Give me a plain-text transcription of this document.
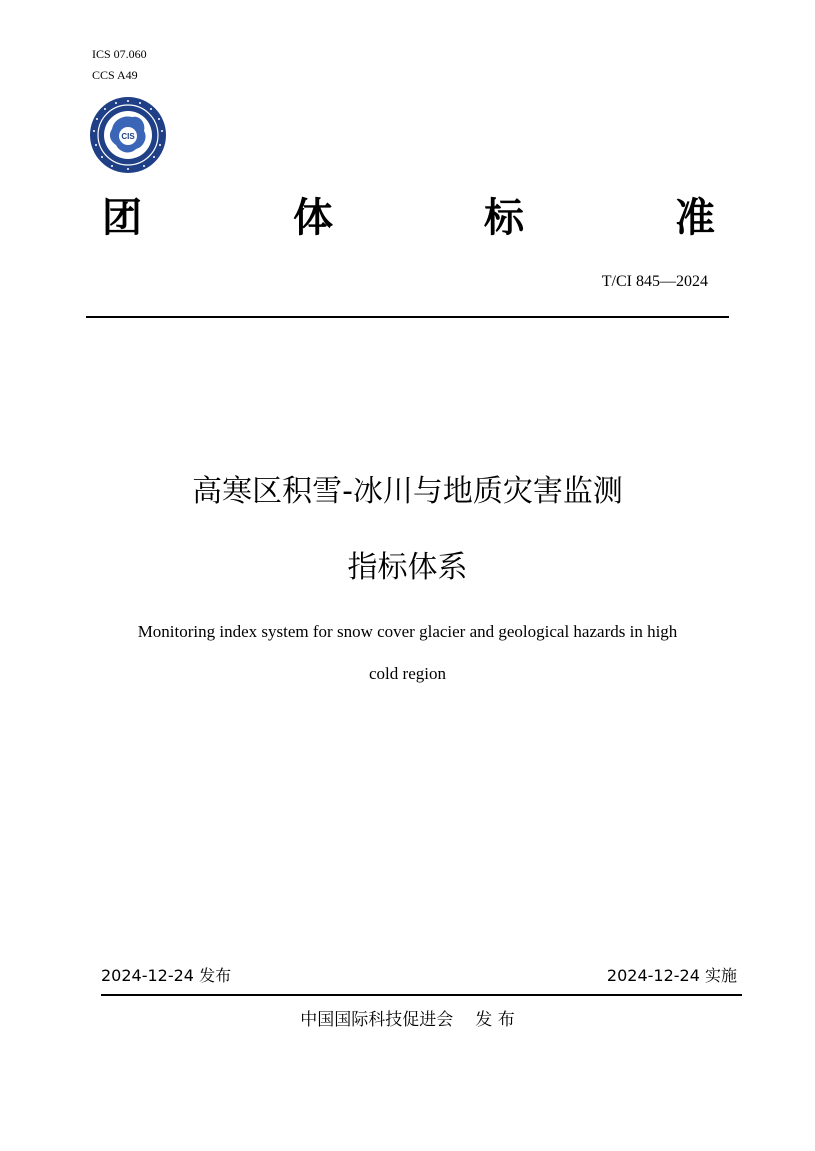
ICS 07.060
CCS A49
CIS
团	体	标	准
T/CI 845—2024
高寒区积雪-冰川与地质灾害监测
指标体系
Monitoring index system for snow cover glacier and geological hazards in high
cold region
2024-12-24 发布	2024-12-24 实施
中国国际科技促进会 发 布
